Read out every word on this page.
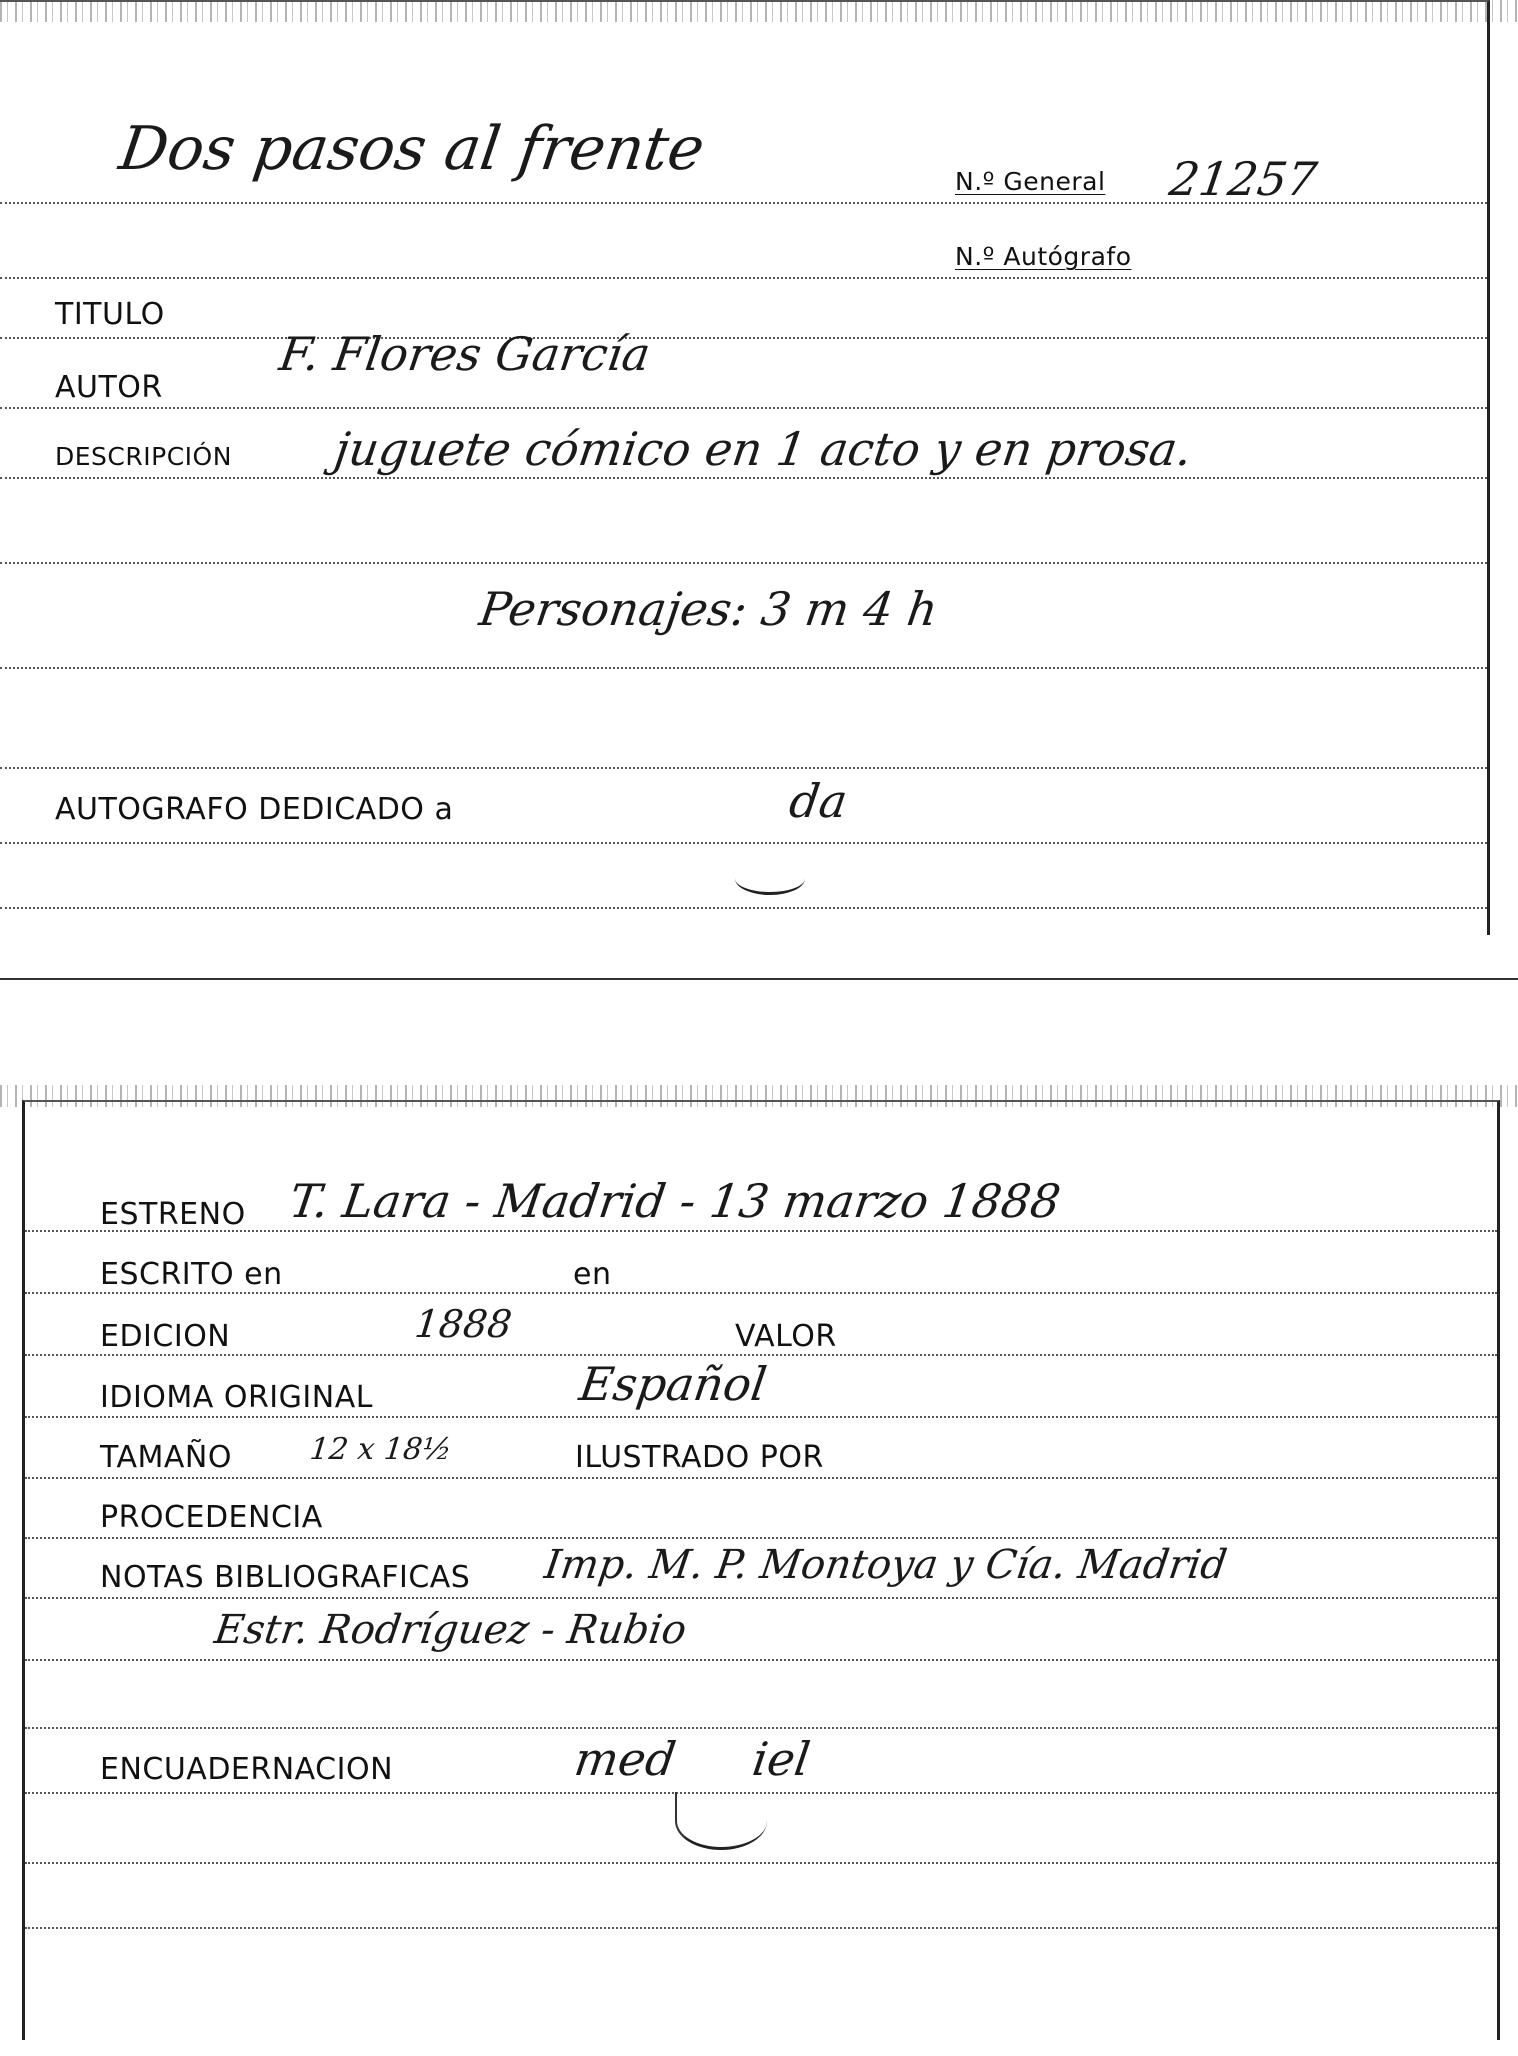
Dos pasos al frente	N.º General 21257
N.º Autógrafo
TITULO
AUTOR
F. Flores García
DESCRIPCIÓN juguete cómico en 1 acto y en prosa.
Personajes: 3 m 4 h
AUTOGRAFO DEDICADO a	da
ESTRENO T. Lara - Madrid - 13 marzo 1888
ESCRITO en	en
EDICION	1888	VALOR
IDIOMA ORIGINAL	Español
TAMAÑO	12 x 18½	ILUSTRADO POR
PROCEDENCIA
NOTAS BIBLIOGRAFICAS Imp. M. P. Montoya y Cía. Madrid
Estr. Rodríguez - Rubio
ENCUADERNACION	med iel
